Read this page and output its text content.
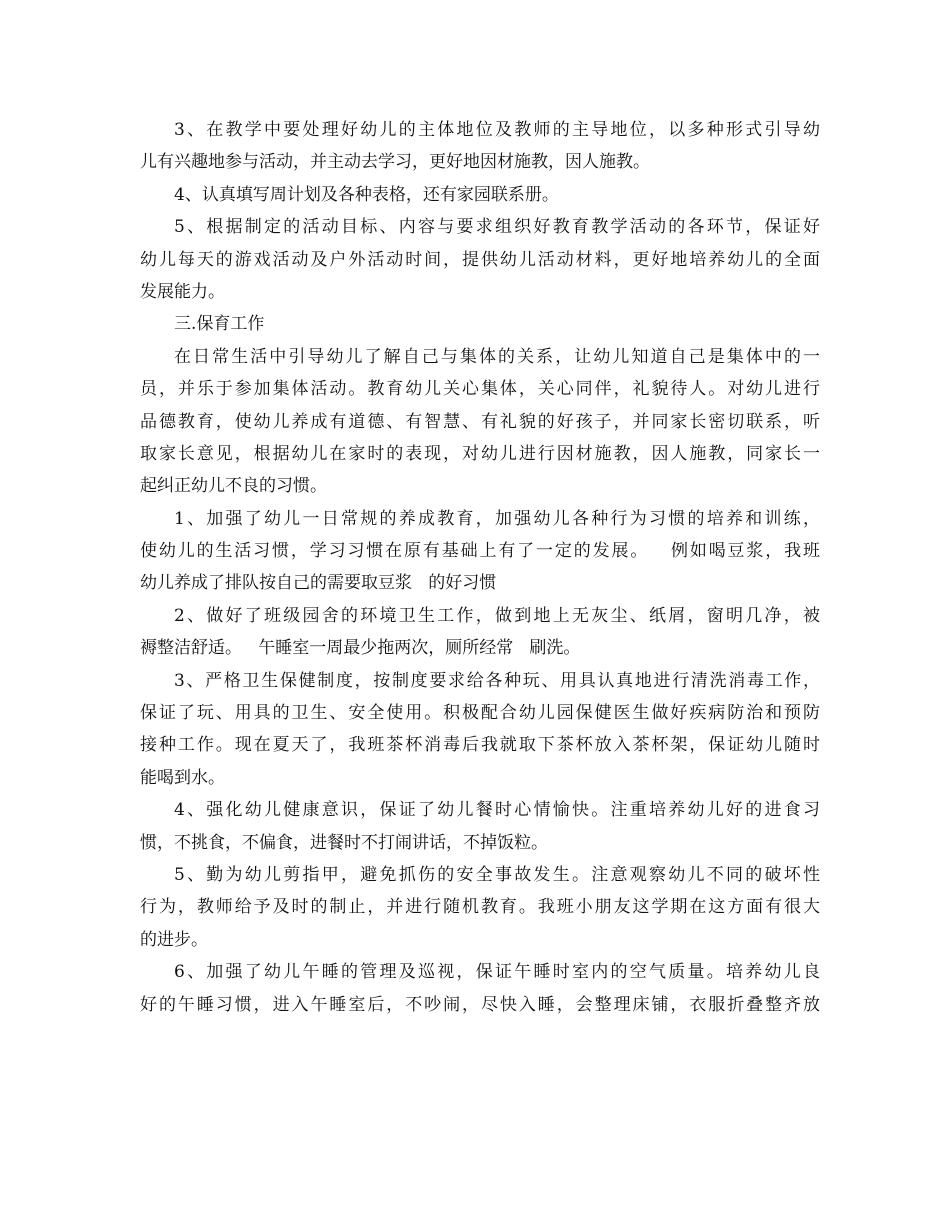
3、在教学中要处理好幼儿的主体地位及教师的主导地位，以多种形式引导幼
儿有兴趣地参与活动，并主动去学习，更好地因材施教，因人施教。
4、认真填写周计划及各种表格，还有家园联系册。
5、根据制定的活动目标、内容与要求组织好教育教学活动的各环节，保证好
幼儿每天的游戏活动及户外活动时间，提供幼儿活动材料，更好地培养幼儿的全面
发展能力。
三.保育工作
在日常生活中引导幼儿了解自己与集体的关系，让幼儿知道自己是集体中的一
员，并乐于参加集体活动。教育幼儿关心集体，关心同伴，礼貌待人。对幼儿进行
品德教育，使幼儿养成有道德、有智慧、有礼貌的好孩子，并同家长密切联系，听
取家长意见，根据幼儿在家时的表现，对幼儿进行因材施教，因人施教，同家长一
起纠正幼儿不良的习惯。
1、加强了幼儿一日常规的养成教育，加强幼儿各种行为习惯的培养和训练，
使幼儿的生活习惯，学习习惯在原有基础上有了一定的发展。   例如喝豆浆，我班
幼儿养成了排队按自己的需要取豆浆   的好习惯
2、做好了班级园舍的环境卫生工作，做到地上无灰尘、纸屑，窗明几净，被
褥整洁舒适。   午睡室一周最少拖两次，厕所经常   刷洗。
3、严格卫生保健制度，按制度要求给各种玩、用具认真地进行清洗消毒工作，
保证了玩、用具的卫生、安全使用。积极配合幼儿园保健医生做好疾病防治和预防
接种工作。现在夏天了，我班茶杯消毒后我就取下茶杯放入茶杯架，保证幼儿随时
能喝到水。
4、强化幼儿健康意识，保证了幼儿餐时心情愉快。注重培养幼儿好的进食习
惯，不挑食，不偏食，进餐时不打闹讲话，不掉饭粒。
5、勤为幼儿剪指甲，避免抓伤的安全事故发生。注意观察幼儿不同的破坏性
行为，教师给予及时的制止，并进行随机教育。我班小朋友这学期在这方面有很大
的进步。
6、加强了幼儿午睡的管理及巡视，保证午睡时室内的空气质量。培养幼儿良
好的午睡习惯，进入午睡室后，不吵闹，尽快入睡，会整理床铺，衣服折叠整齐放
